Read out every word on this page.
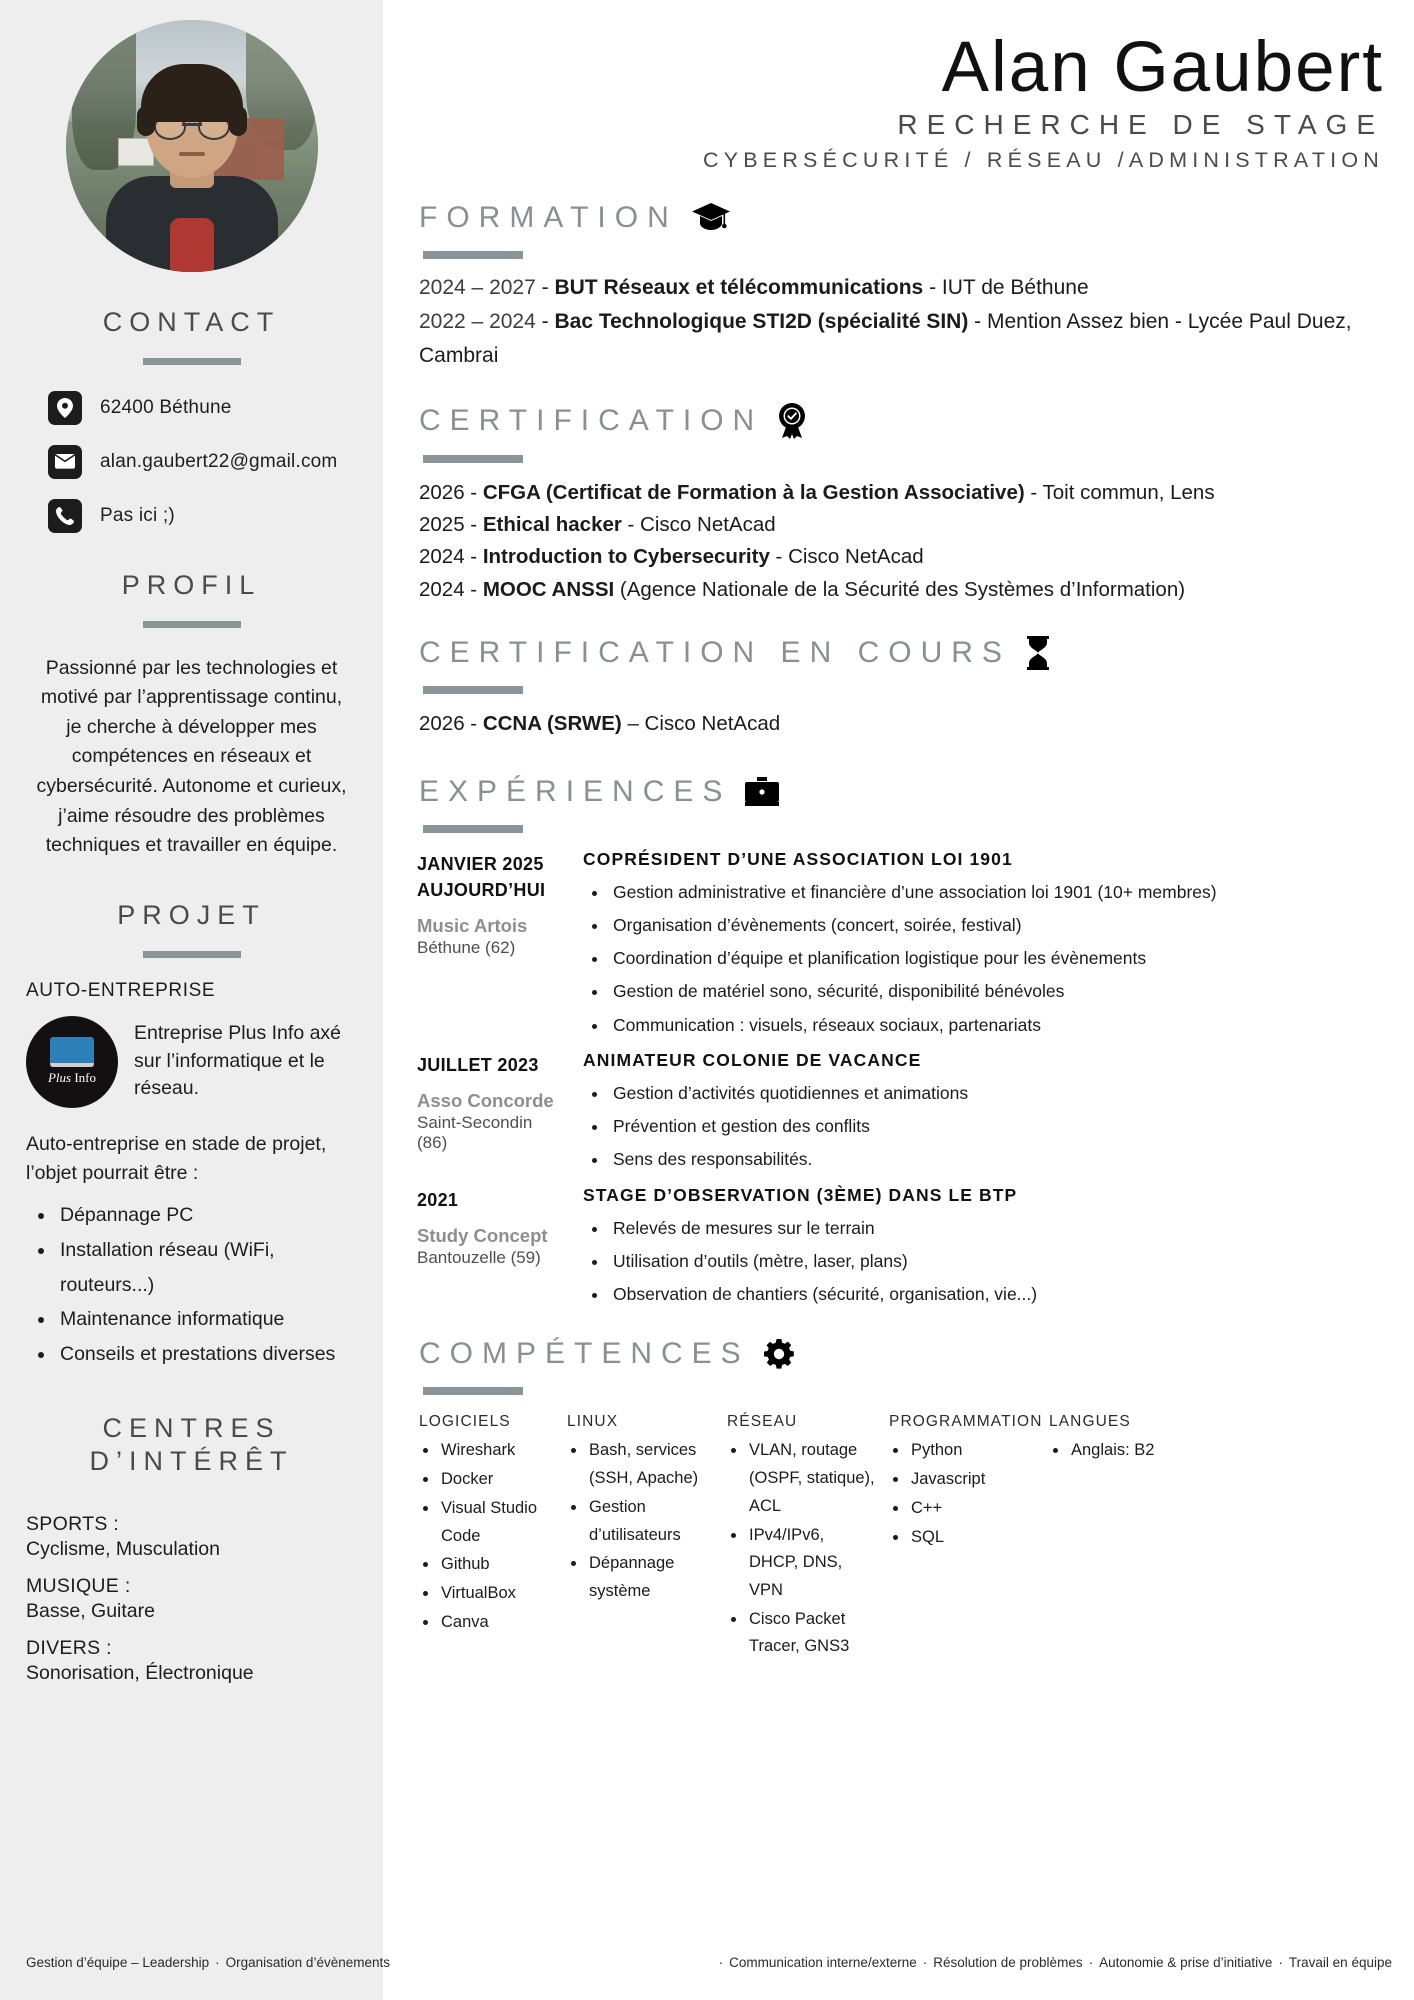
CONTACT
62400 Béthune
alan.gaubert22@gmail.com
Pas ici ;)
PROFIL

Passionné par les technologies et motivé par l’apprentissage continu, je cherche à développer mes compétences en réseaux et cybersécurité. Autonome et curieux, j’aime résoudre des problèmes techniques et travailler en équipe.

PROJET
AUTO-ENTREPRISE
Plus Info
Entreprise Plus Info axé sur l’informatique et le réseau.
Auto-entreprise en stade de projet, l’objet pourrait être :
• Dépannage PC
• Installation réseau (WiFi, routeurs...)
• Maintenance informatique
• Conseils et prestations diverses
CENTRES
D’INTÉRÊT
SPORTS :
Cyclisme, Musculation
MUSIQUE :
Basse, Guitare
DIVERS :
Sonorisation, Électronique
Gestion d’équipe – Leadership · Organisation d’évènements
Alan Gaubert
RECHERCHE DE STAGE
CYBERSÉCURITÉ / RÉSEAU /ADMINISTRATION
FORMATION
2024 – 2027 - BUT Réseaux et télécommunications - IUT de Béthune
2022 – 2024 - Bac Technologique STI2D (spécialité SIN) - Mention Assez bien - Lycée Paul Duez, Cambrai
CERTIFICATION
2026 - CFGA (Certificat de Formation à la Gestion Associative) - Toit commun, Lens
2025 - Ethical hacker - Cisco NetAcad
2024 - Introduction to Cybersecurity - Cisco NetAcad
2024 - MOOC ANSSI (Agence Nationale de la Sécurité des Systèmes d’Information)
CERTIFICATION EN COURS
2026 - CCNA (SRWE) – Cisco NetAcad
EXPÉRIENCES
JANVIER 2025
AUJOURD’HUI
Music Artois
Béthune (62)
COPRÉSIDENT D’UNE ASSOCIATION LOI 1901
• Gestion administrative et financière d’une association loi 1901 (10+ membres)
• Organisation d’évènements (concert, soirée, festival)
• Coordination d’équipe et planification logistique pour les évènements
• Gestion de matériel sono, sécurité, disponibilité bénévoles
• Communication : visuels, réseaux sociaux, partenariats
JUILLET 2023
Asso Concorde
Saint-Secondin (86)
ANIMATEUR COLONIE DE VACANCE
• Gestion d’activités quotidiennes et animations
• Prévention et gestion des conflits
• Sens des responsabilités.
2021
Study Concept
Bantouzelle (59)
STAGE D’OBSERVATION (3ÈME) DANS LE BTP
• Relevés de mesures sur le terrain
• Utilisation d’outils (mètre, laser, plans)
• Observation de chantiers (sécurité, organisation, vie...)
COMPÉTENCES
LOGICIELS
• Wireshark
• Docker
• Visual Studio Code
• Github
• VirtualBox
• Canva
LINUX
• Bash, services (SSH, Apache)
• Gestion d’utilisateurs
• Dépannage système
RÉSEAU
• VLAN, routage (OSPF, statique), ACL
• IPv4/IPv6, DHCP, DNS, VPN
• Cisco Packet Tracer, GNS3
PROGRAMMATION
• Python
• Javascript
• C++
• SQL
LANGUES
• Anglais: B2
· Communication interne/externe · Résolution de problèmes · Autonomie & prise d’initiative · Travail en équipe
